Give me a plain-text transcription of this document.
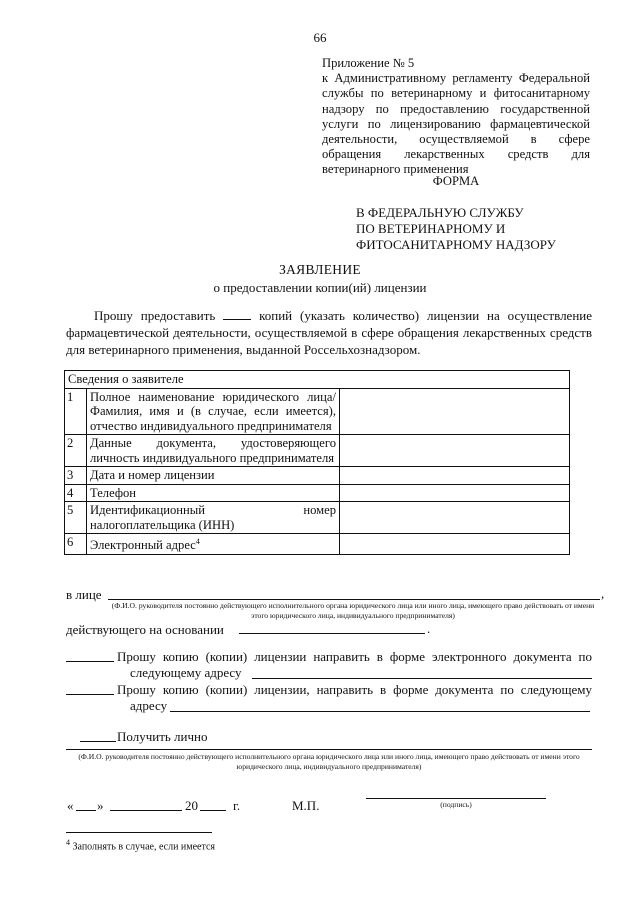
66
Приложение № 5
к Административному регламенту Федеральной
службы по ветеринарному и фитосанитарному
надзору по предоставлению государственной
услуги по лицензированию фармацевтической
деятельности, осуществляемой в сфере
обращения лекарственных средств для
ветеринарного применения
ФОРМА
В ФЕДЕРАЛЬНУЮ СЛУЖБУ
ПО ВЕТЕРИНАРНОМУ И
ФИТОСАНИТАРНОМУ НАДЗОРУ
ЗАЯВЛЕНИЕ
о предоставлении копии(ий) лицензии
Прошу предоставить	копий (указать количество) лицензии на осуществление фармацевтической деятельности, осуществляемой в сфере обращения лекарственных средств для ветеринарного применения, выданной Россельхознадзором.
Сведения о заявителе		
1	Полное наименование юридического лица/ Фамилия, имя и (в случае, если имеется), отчество индивидуального предпринимателя	
2	Данные документа, удостоверяющего личность индивидуального предпринимателя	
3	Дата и номер лицензии	
4	Телефон	
5	Идентификационный номер налогоплательщика (ИНН)	
6	Электронный адрес$^4$	
в лице	,
(Ф.И.О. руководителя постоянно действующего исполнительного органа юридического лица или иного лица, имеющего право действовать от имени этого юридического лица, индивидуального предпринимателя)
действующего на основании	.
Прошу копию (копии) лицензии направить в форме электронного документа по
следующему адресу
Прошу копию (копии) лицензии, направить в форме документа по следующему
адресу
Получить лично
(Ф.И.О. руководителя постоянно действующего исполнительного органа юридического лица или иного лица, имеющего право действовать от имени этого юридического лица, индивидуального предпринимателя)
« »	20	г.	М.П.	(подпись)
$^4$ Заполнять в случае, если имеется
